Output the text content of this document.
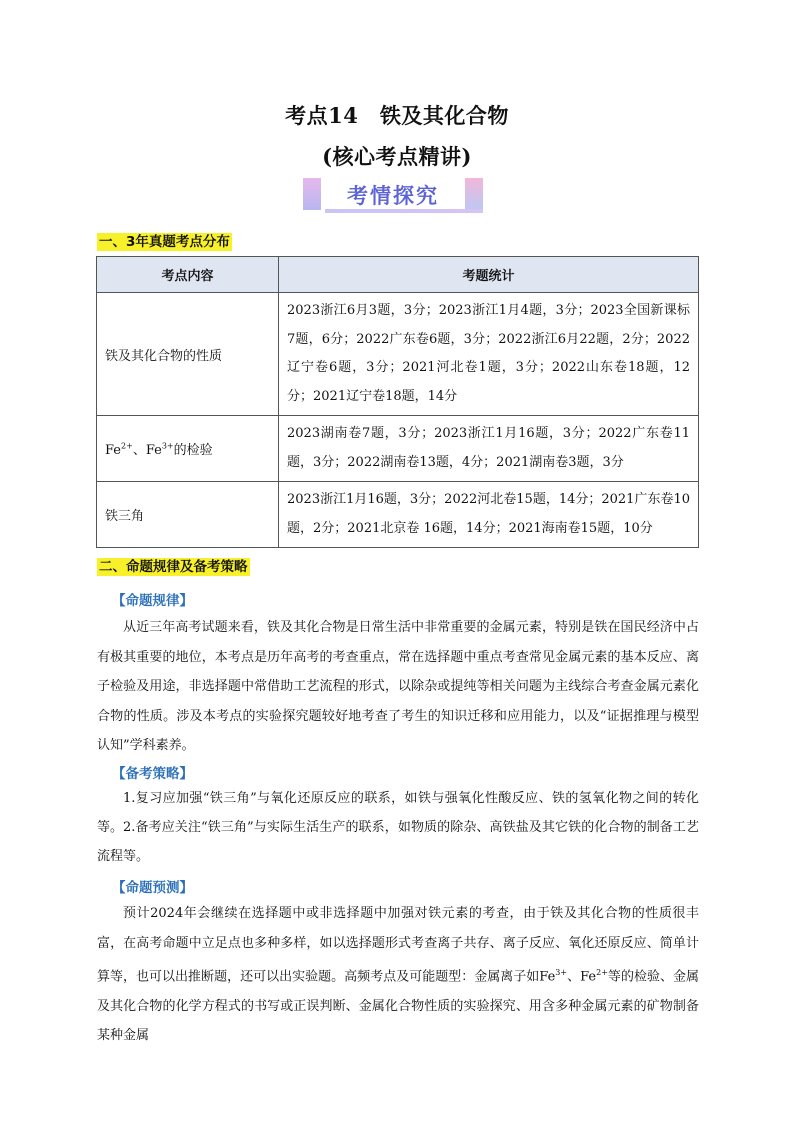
考点14　铁及其化合物
(核心考点精讲)
考情探究
一、3年真题考点分布
考点内容	考题统计
铁及其化合物的性质	2023浙江6月3题，3分；2023浙江1月4题，3分；2023全国新课标7题，6分；2022广东卷6题，3分；2022浙江6月22题，2分；2022辽宁卷6题，3分；2021河北卷1题，3分；2022山东卷18题，12分；2021辽宁卷18题，14分
$Fe^{2+}$、$Fe^{3+}$的检验	2023湖南卷7题，3分；2023浙江1月16题，3分；2022广东卷11题，3分；2022湖南卷13题，4分；2021湖南卷3题，3分
铁三角	2023浙江1月16题，3分；2022河北卷15题，14分；2021广东卷10题，2分；2021北京卷 16题，14分；2021海南卷15题，10分
二、命题规律及备考策略
【命题规律】
从近三年高考试题来看，铁及其化合物是日常生活中非常重要的金属元素，特别是铁在国民经济中占有极其重要的地位，本考点是历年高考的考查重点，常在选择题中重点考查常见金属元素的基本反应、离子检验及用途，非选择题中常借助工艺流程的形式，以除杂或提纯等相关问题为主线综合考查金属元素化合物的性质。涉及本考点的实验探究题较好地考查了考生的知识迁移和应用能力，以及“证据推理与模型认知”学科素养。
【备考策略】
1.复习应加强“铁三角”与氧化还原反应的联系，如铁与强氧化性酸反应、铁的氢氧化物之间的转化等。 2.备考应关注“铁三角”与实际生活生产的联系，如物质的除杂、高铁盐及其它铁的化合物的制备工艺流程等。
【命题预测】
预计2024年会继续在选择题中或非选择题中加强对铁元素的考查，由于铁及其化合物的性质很丰富，在高考命题中立足点也多种多样，如以选择题形式考查离子共存、离子反应、氧化还原反应、简单计算等，也可以出推断题，还可以出实验题。高频考点及可能题型：金属离子如$Fe^{3+}$、$Fe^{2+}$等的检验、金属及其化合物的化学方程式的书写或正误判断、金属化合物性质的实验探究、用含多种金属元素的矿物制备某种金属
